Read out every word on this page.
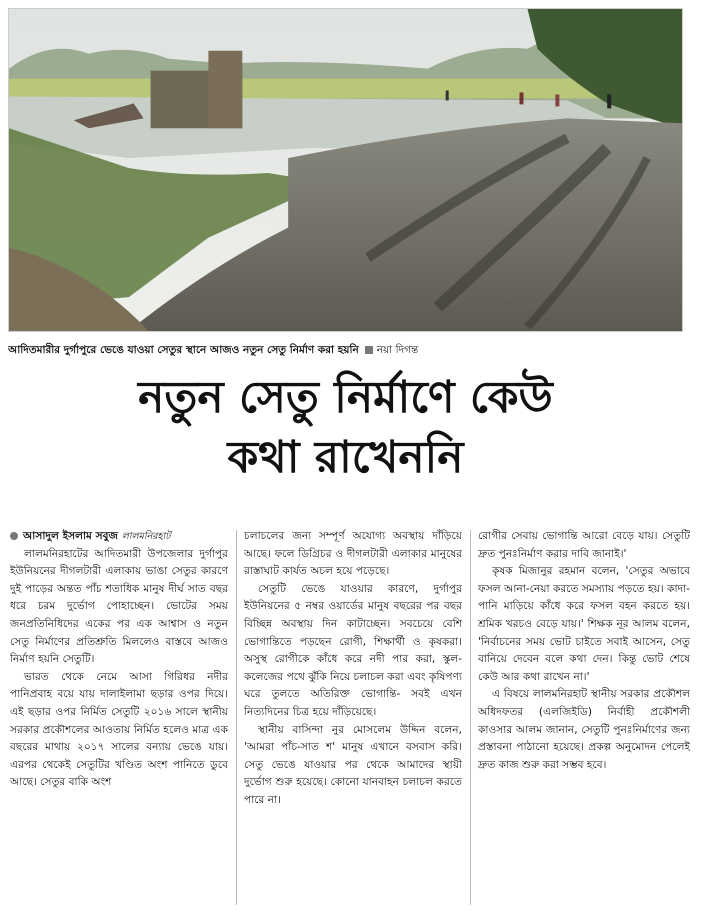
আদিতমারীর দুর্গাপুরে ভেঙে যাওয়া সেতুর স্থানে আজও নতুন সেতু নির্মাণ করা হয়নি নয়া দিগন্ত
নতুন সেতু নির্মাণে কেউ
কথা রাখেননি

আসাদুল ইসলাম সবুজ লালমনিরহাট

লালমনিরহাটের আদিতমারী উপজেলার দুর্গাপুর ইউনিয়নের দীগলটারী এলাকায় ভাঙা সেতুর কারণে দুই পাড়ের অন্তত পাঁচ শতাধিক মানুষ দীর্ঘ সাত বছর ধরে চরম দুর্ভোগ পোহাচ্ছেন। ভোটের সময় জনপ্রতিনিধিদের একের পর এক আশ্বাস ও নতুন সেতু নির্মাণের প্রতিশ্রুতি মিললেও বাস্তবে আজও নির্মাণ হয়নি সেতুটি।

ভারত থেকে নেমে আসা গিরিধর নদীর পানিপ্রবাহ বয়ে যায় দালাইলামা ছড়ার ওপর দিয়ে। এই ছড়ার ওপর নির্মিত সেতুটি ২০১৬ সালে স্থানীয় সরকার প্রকৌশলের আওতায় নির্মিত হলেও মাত্র এক বছরের মাথায় ২০১৭ সালের বন্যায় ভেঙে যায়। এরপর থেকেই সেতুটির খণ্ডিত অংশ পানিতে ডুবে আছে। সেতুর বাকি অংশ

চলাচলের জন্য সম্পূর্ণ অযোগ্য অবস্থায় দাঁড়িয়ে আছে। ফলে ডিগ্রিচর ও দীগলটারী এলাকার মানুষের রাস্তাঘাট কার্যত অচল হয়ে পড়েছে।

সেতুটি ভেঙে যাওয়ার কারণে, দুর্গাপুর ইউনিয়নের ৫ নম্বর ওয়ার্ডের মানুষ বছরের পর বছর বিচ্ছিন্ন অবস্থায় দিন কাটাচ্ছেন। সবচেয়ে বেশি ভোগান্তিতে পড়ছেন রোগী, শিক্ষার্থী ও কৃষকরা। অসুস্থ রোগীকে কাঁধে করে নদী পার করা, স্কুল-কলেজের পথে ঝুঁকি নিয়ে চলাচল করা এবং কৃষিপণ্য ঘরে তুলতে অতিরিক্ত ভোগান্তি- সবই এখন নিত্যদিনের চিত্র হয়ে দাঁড়িয়েছে।

স্থানীয় বাসিন্দা নুর মোসলেম উদ্দিন বলেন, 'আমরা পাঁচ-সাত শ' মানুষ এখানে বসবাস করি। সেতু ভেঙে যাওয়ার পর থেকে আমাদের স্থায়ী দুর্ভোগ শুরু হয়েছে। কোনো যানবাহন চলাচল করতে পারে না।

রোগীর সেবায় ভোগান্তি আরো বেড়ে যায়। সেতুটি দ্রুত পুনঃনির্মাণ করার দাবি জানাই।'

কৃষক মিজানুর রহমান বলেন, 'সেতুর অভাবে ফসল আনা-নেয়া করতে সমস্যায় পড়তে হয়। কাদা-পানি মাড়িয়ে কাঁধে করে ফসল বহন করতে হয়। শ্রমিক খরচও বেড়ে যায়।' শিক্ষক নূর আলম বলেন, 'নির্বাচনের সময় ভোট চাইতে সবাই আসেন, সেতু বানিয়ে দেবেন বলে কথা দেন। কিন্তু ভোট শেষে কেউ আর কথা রাখেন না।'

এ বিষয়ে লালমনিরহাট স্থানীয় সরকার প্রকৌশল অধিদফতর (এলজিইডি) নির্বাহী প্রকৌশলী কাওসার আলম জানান, সেতুটি পুনঃনির্মাণের জন্য প্রস্তাবনা পাঠানো হয়েছে। প্রকল্প অনুমোদন পেলেই দ্রুত কাজ শুরু করা সম্ভব হবে।
